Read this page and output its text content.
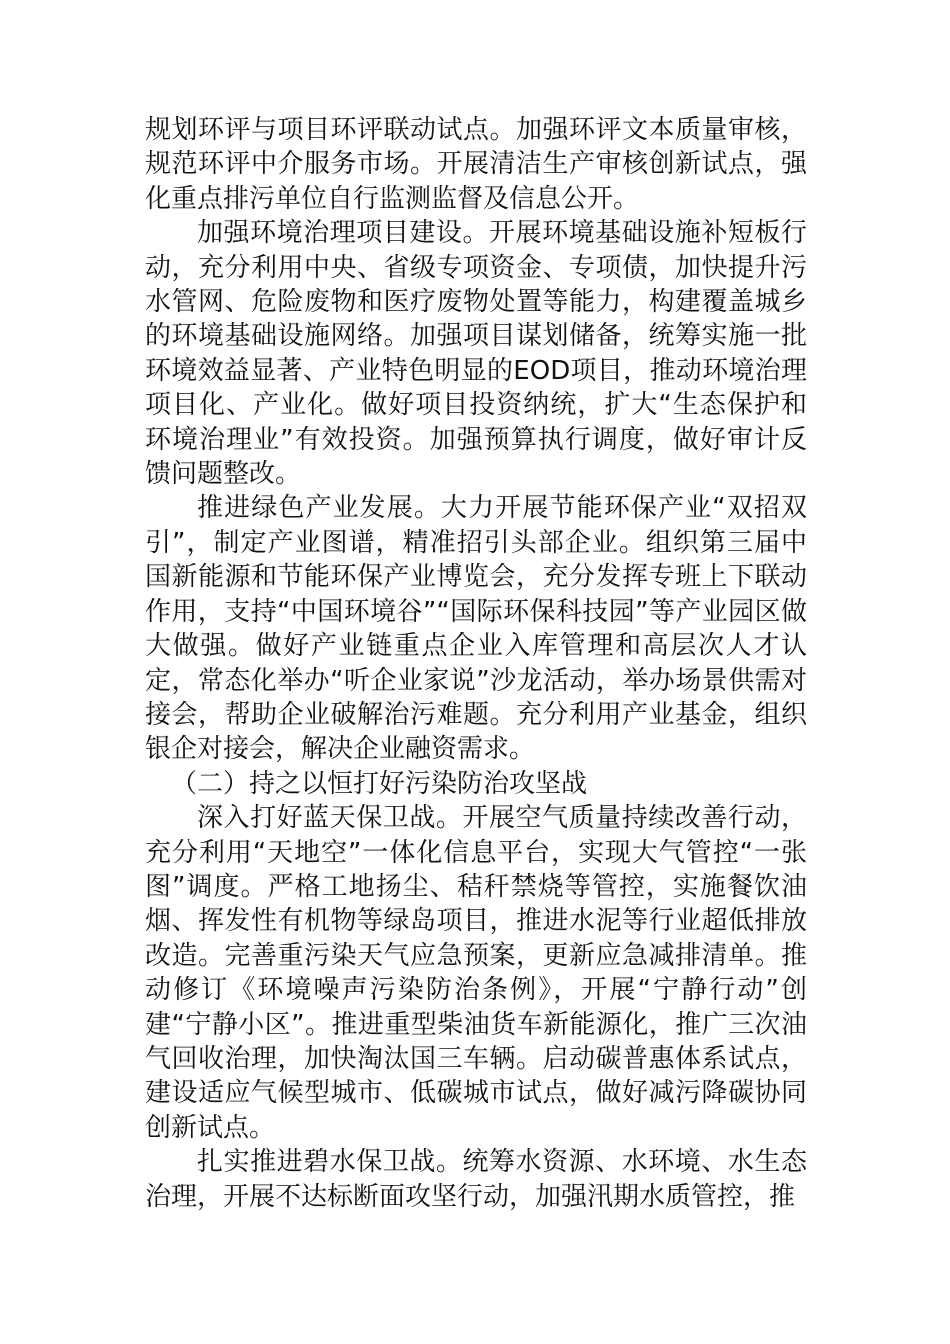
规划环评与项目环评联动试点。加强环评文本质量审核，规范环评中介服务市场。开展清洁生产审核创新试点，强化重点排污单位自行监测监督及信息公开。

加强环境治理项目建设。开展环境基础设施补短板行动，充分利用中央、省级专项资金、专项债，加快提升污水管网、危险废物和医疗废物处置等能力，构建覆盖城乡的环境基础设施网络。加强项目谋划储备，统筹实施一批环境效益显著、产业特色明显的EOD项目，推动环境治理项目化、产业化。做好项目投资纳统，扩大“生态保护和环境治理业”有效投资。加强预算执行调度，做好审计反馈问题整改。

推进绿色产业发展。大力开展节能环保产业“双招双引”，制定产业图谱，精准招引头部企业。组织第三届中国新能源和节能环保产业博览会，充分发挥专班上下联动作用，支持“中国环境谷”“国际环保科技园”等产业园区做大做强。做好产业链重点企业入库管理和高层次人才认定，常态化举办“听企业家说”沙龙活动，举办场景供需对接会，帮助企业破解治污难题。充分利用产业基金，组织银企对接会，解决企业融资需求。

（二）持之以恒打好污染防治攻坚战

深入打好蓝天保卫战。开展空气质量持续改善行动，充分利用“天地空”一体化信息平台，实现大气管控“一张图”调度。严格工地扬尘、秸秆禁烧等管控，实施餐饮油烟、挥发性有机物等绿岛项目，推进水泥等行业超低排放改造。完善重污染天气应急预案，更新应急减排清单。推动修订《环境噪声污染防治条例》，开展“宁静行动”创建“宁静小区”。推进重型柴油货车新能源化，推广三次油气回收治理，加快淘汰国三车辆。启动碳普惠体系试点，建设适应气候型城市、低碳城市试点，做好减污降碳协同创新试点。

扎实推进碧水保卫战。统筹水资源、水环境、水生态治理，开展不达标断面攻坚行动，加强汛期水质管控，推
